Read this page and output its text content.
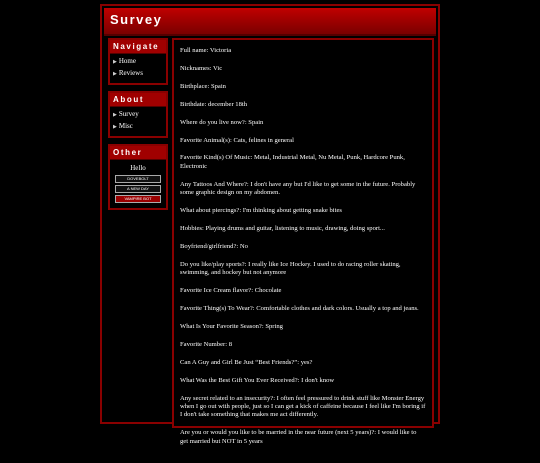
Survey
Navigate
▶ Home
▶ Reviews
About
▶ Survey
▶ Misc
Other
Hello
DOVEBOLT
A NEW DAY
VAMPIRE BOT

Full name: Victoria

Nicknames: Vic

Birthplace: Spain

Birthdate: december 18th

Where do you live now?: Spain

Favorite Animal(s): Cats, felines in general

Favorite Kind(s) Of Music: Metal, Industrial Metal, Nu Metal, Punk, Hardcore Punk, Electronic

Any Tattoos And Where?: I don't have any but I'd like to get some in the future. Probably some graphic design on my abdomen.

What about piercings?: I'm thinking about getting snake bites

Hobbies: Playing drums and guitar, listening to music, drawing, doing sport...

Boyfriend/girlfriend?: No

Do you like/play sports?: I really like Ice Hockey. I used to do racing roller skating, swimming, and hockey but not anymore

Favorite Ice Cream flavor?: Chocolate

Favorite Thing(s) To Wear?: Comfortable clothes and dark colors. Usually a top and jeans.

What Is Your Favorite Season?: Spring

Favorite Number: 8

Can A Guy and Girl Be Just “Best Friends?”: yes?

What Was the Best Gift You Ever Received?: I don't know

Any secret related to an insecurity?: I often feel pressured to drink stuff like Monster Energy when I go out with people, just so I can get a kick of caffeine because I feel like I'm boring if I don't take something that makes me act differently.

Are you or would you like to be married in the near future (next 5 years)?: I would like to get married but NOT in 5 years
